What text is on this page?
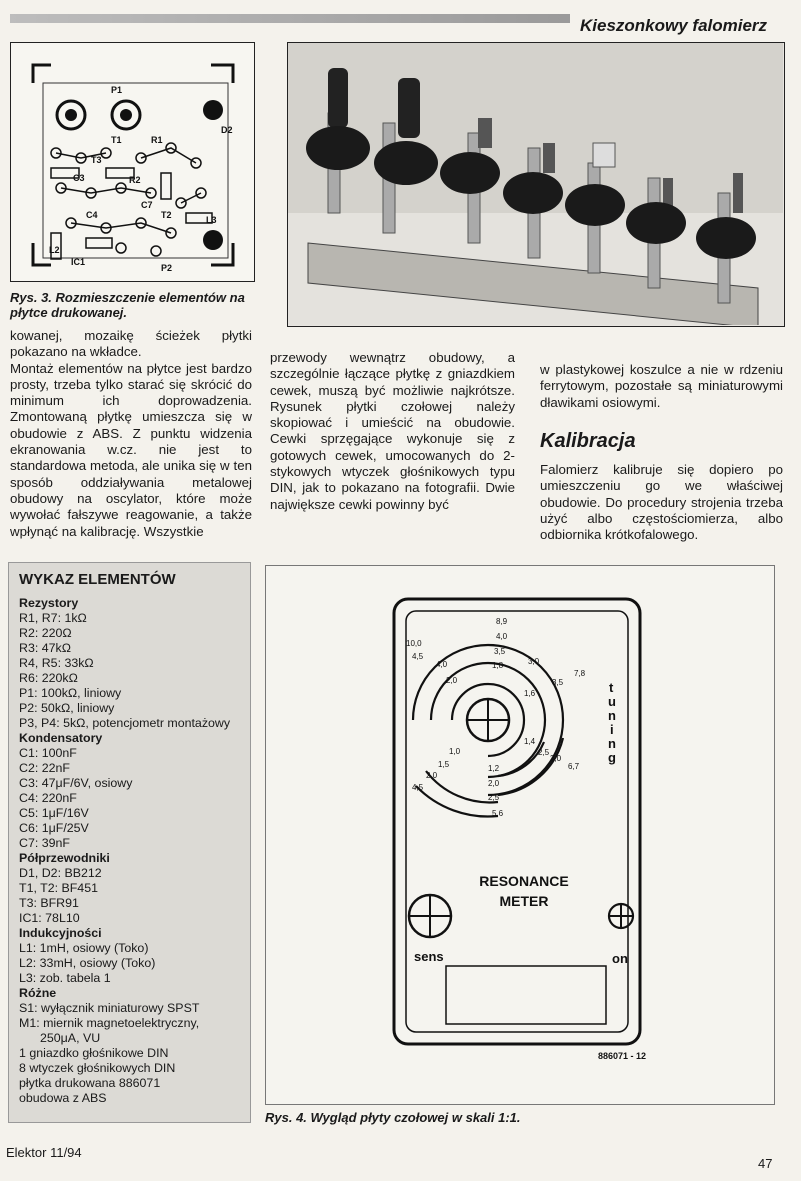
Kieszonkowy falomierz
P1
P2
D2
C3
C4
C7
L2
L3
R1
R2
T1
T2
T3
IC1
Rys. 3. Rozmieszczenie elementów na płytce drukowanej.

kowanej, mozaikę ścieżek płytki pokazano na wkładce.

Montaż elementów na płytce jest bardzo prosty, trzeba tylko starać się skrócić do minimum ich doprowadzenia. Zmontowaną płytkę umieszcza się w obudowie z ABS. Z punktu widzenia ekranowania w.cz. nie jest to standardowa metoda, ale unika się w ten sposób oddziaływania metalowej obudowy na oscylator, które może wywołać fałszywe reagowanie, a także wpłynąć na kalibrację. Wszystkie

przewody wewnątrz obudowy, a szczególnie łączące płytkę z gniazdkiem cewek, muszą być możliwie najkrótsze. Rysunek płytki czołowej należy skopiować i umieścić na obudowie. Cewki sprzęgające wykonuje się z gotowych cewek, umocowanych do 2-stykowych wtyczek głośnikowych typu DIN, jak to pokazano na fotografii. Dwie największe cewki powinny być
w plastykowej koszulce a nie w rdzeniu ferrytowym, pozostałe są miniaturowymi dławikami osiowymi.
Kalibracja
Falomierz kalibruje się dopiero po umieszczeniu go we właściwej obudowie. Do procedury strojenia trzeba użyć albo częstościomierza, albo odbiornika krótkofalowego.
WYKAZ ELEMENTÓW
Rezystory
R1, R7: 1kΩ
R2: 220Ω
R3: 47kΩ
R4, R5: 33kΩ
R6: 220kΩ
P1: 100kΩ, liniowy
P2: 50kΩ, liniowy
P3, P4: 5kΩ, potencjometr montażowy
Kondensatory
C1: 100nF
C2: 22nF
C3: 47μF/6V, osiowy
C4: 220nF
C5: 1μF/16V
C6: 1μF/25V
C7: 39nF
Półprzewodniki
D1, D2: BB212
T1, T2: BF451
T3: BFR91
IC1: 78L10
Indukcyjności
L1: 1mH, osiowy (Toko)
L2: 33mH, osiowy (Toko)
L3: zob. tabela 1
Różne
S1: wyłącznik miniaturowy SPST
M1: miernik magnetoelektryczny,
250μA, VU
1 gniazdko głośnikowe DIN
8 wtyczek głośnikowych DIN
płytka drukowana 886071
obudowa z ABS
10,0
8,9
4,5
4,0
4,0
3,5
3,0
1,8
2,0	3,5
7,8
1,6
1,4
2,5
3,0
6,7
1,0
1,2
1,5
2,0
2,0
2,5
4,5
5,6
t
u
n
i
n
g
RESONANCE
METER
sens	on
886071 - 12
Rys. 4. Wygląd płyty czołowej w skali 1:1.
Elektor 11/94
47
